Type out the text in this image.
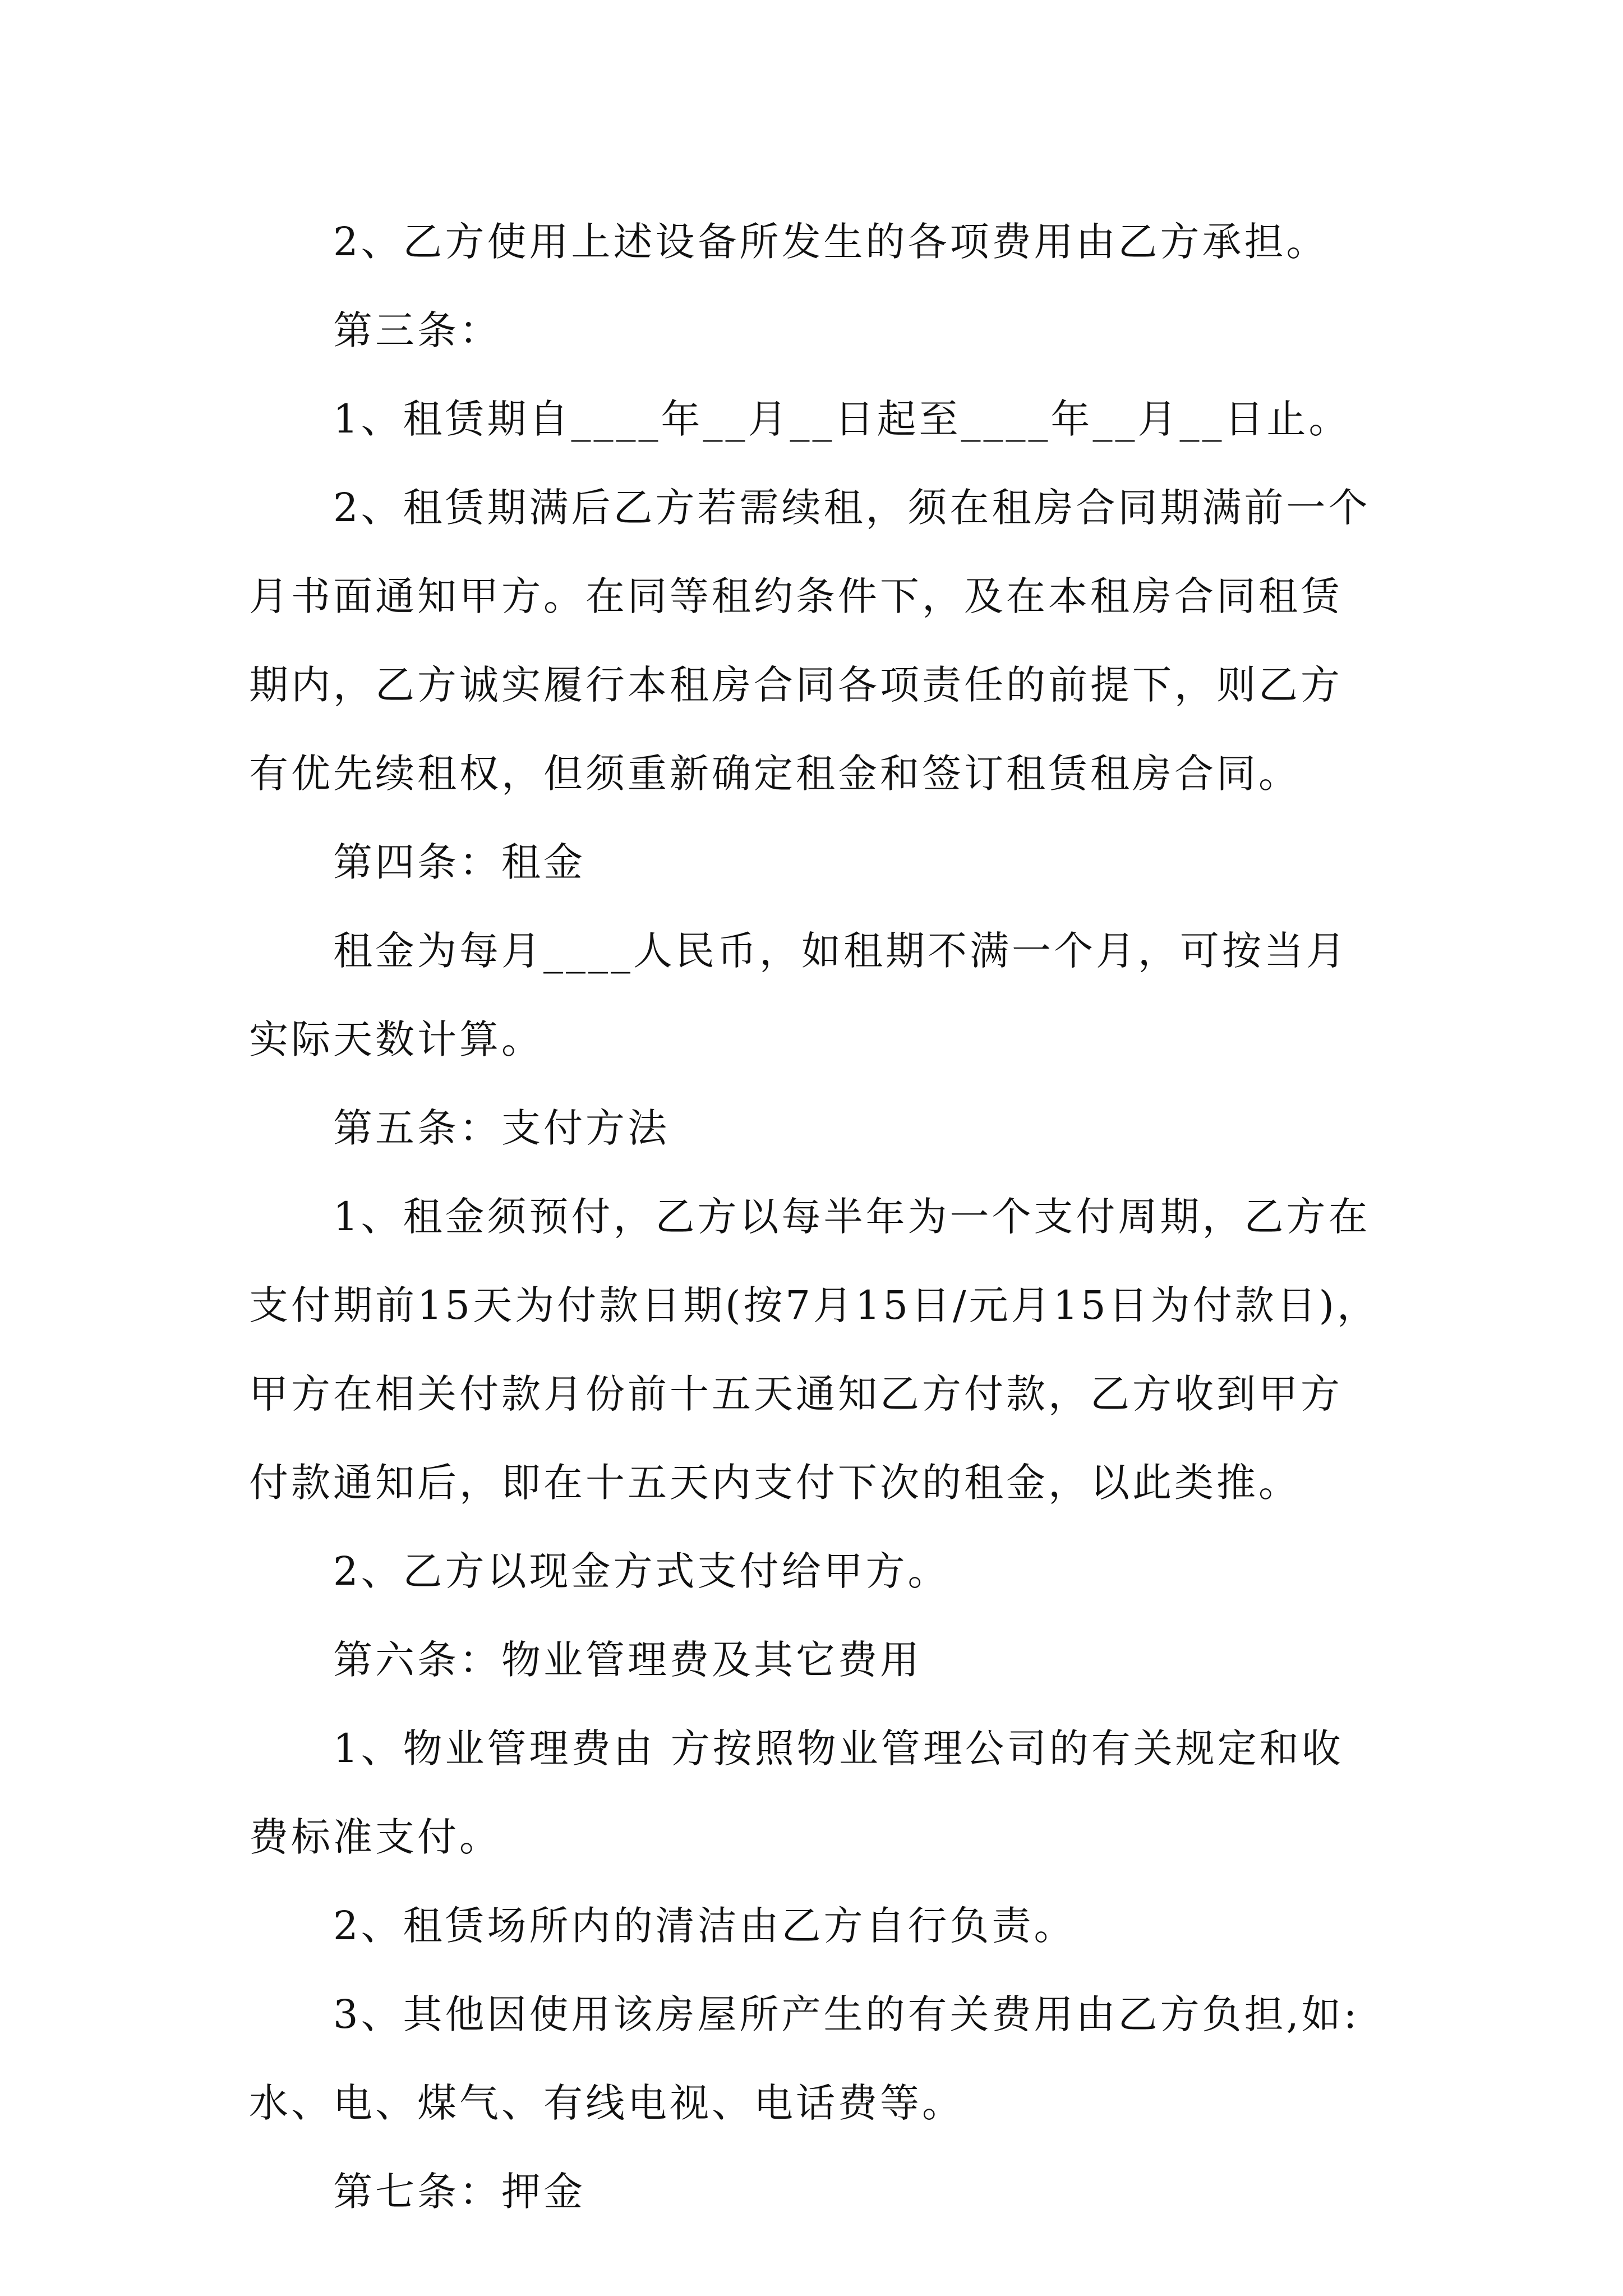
2、乙方使用上述设备所发生的各项费用由乙方承担。

第三条：

1、租赁期自____年__月__日起至____年__月__日止。

2、租赁期满后乙方若需续租，须在租房合同期满前一个月书面通知甲方。在同等租约条件下，及在本租房合同租赁期内，乙方诚实履行本租房合同各项责任的前提下，则乙方有优先续租权，但须重新确定租金和签订租赁租房合同。

第四条：租金

租金为每月____人民币，如租期不满一个月，可按当月实际天数计算。

第五条：支付方法

1、租金须预付，乙方以每半年为一个支付周期，乙方在支付期前15天为付款日期(按7月15日/元月15日为付款日)，甲方在相关付款月份前十五天通知乙方付款，乙方收到甲方付款通知后，即在十五天内支付下次的租金，以此类推。

2、乙方以现金方式支付给甲方。

第六条：物业管理费及其它费用

1、物业管理费由 方按照物业管理公司的有关规定和收费标准支付。

2、租赁场所内的清洁由乙方自行负责。

3、其他因使用该房屋所产生的有关费用由乙方负担,如:水、电、煤气、有线电视、电话费等。

第七条：押金
